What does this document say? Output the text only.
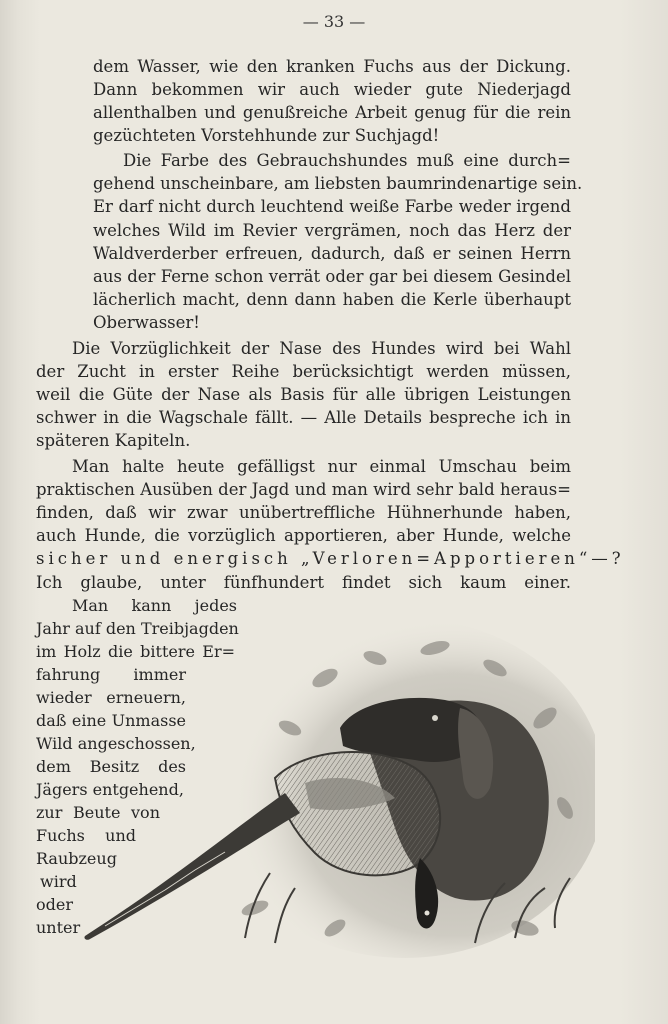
— 33 —
dem Wasser, wie den kranken Fuchs aus der Dickung.
Dann bekommen wir auch wieder gute Niederjagd
allenthalben und genußreiche Arbeit genug für die rein
gezüchteten Vorstehhunde zur Suchjagd!
Die Farbe des Gebrauchshundes muß eine durch=
gehend unscheinbare, am liebsten baumrindenartige sein.
Er darf nicht durch leuchtend weiße Farbe weder irgend
welches Wild im Revier vergrämen, noch das Herz der
Waldverderber erfreuen, dadurch, daß er seinen Herrn
aus der Ferne schon verrät oder gar bei diesem Gesindel
lächerlich macht, denn dann haben die Kerle überhaupt
Oberwasser!
Die Vorzüglichkeit der Nase des Hundes wird bei Wahl
der Zucht in erster Reihe berücksichtigt werden müssen,
weil die Güte der Nase als Basis für alle übrigen Leistungen
schwer in die Wagschale fällt. — Alle Details bespreche ich in
späteren Kapiteln.
Man halte heute gefälligst nur einmal Umschau beim
praktischen Ausüben der Jagd und man wird sehr bald heraus=
finden, daß wir zwar unübertreffliche Hühnerhunde haben,
auch Hunde, die vorzüglich apportieren, aber Hunde, welche
sicher und energisch „Verloren=Apportieren“—?
Ich glaube, unter fünfhundert findet sich kaum einer.
Man kann jedes
Jahr auf den Treibjagden
im Holz die bittere Er=
fahrung immer
wieder erneuern,
daß eine Unmasse
Wild angeschossen,
dem Besitz des
Jägers entgehend,
zur Beute von
Fuchs und
Raubzeug
wird
oder
unter
